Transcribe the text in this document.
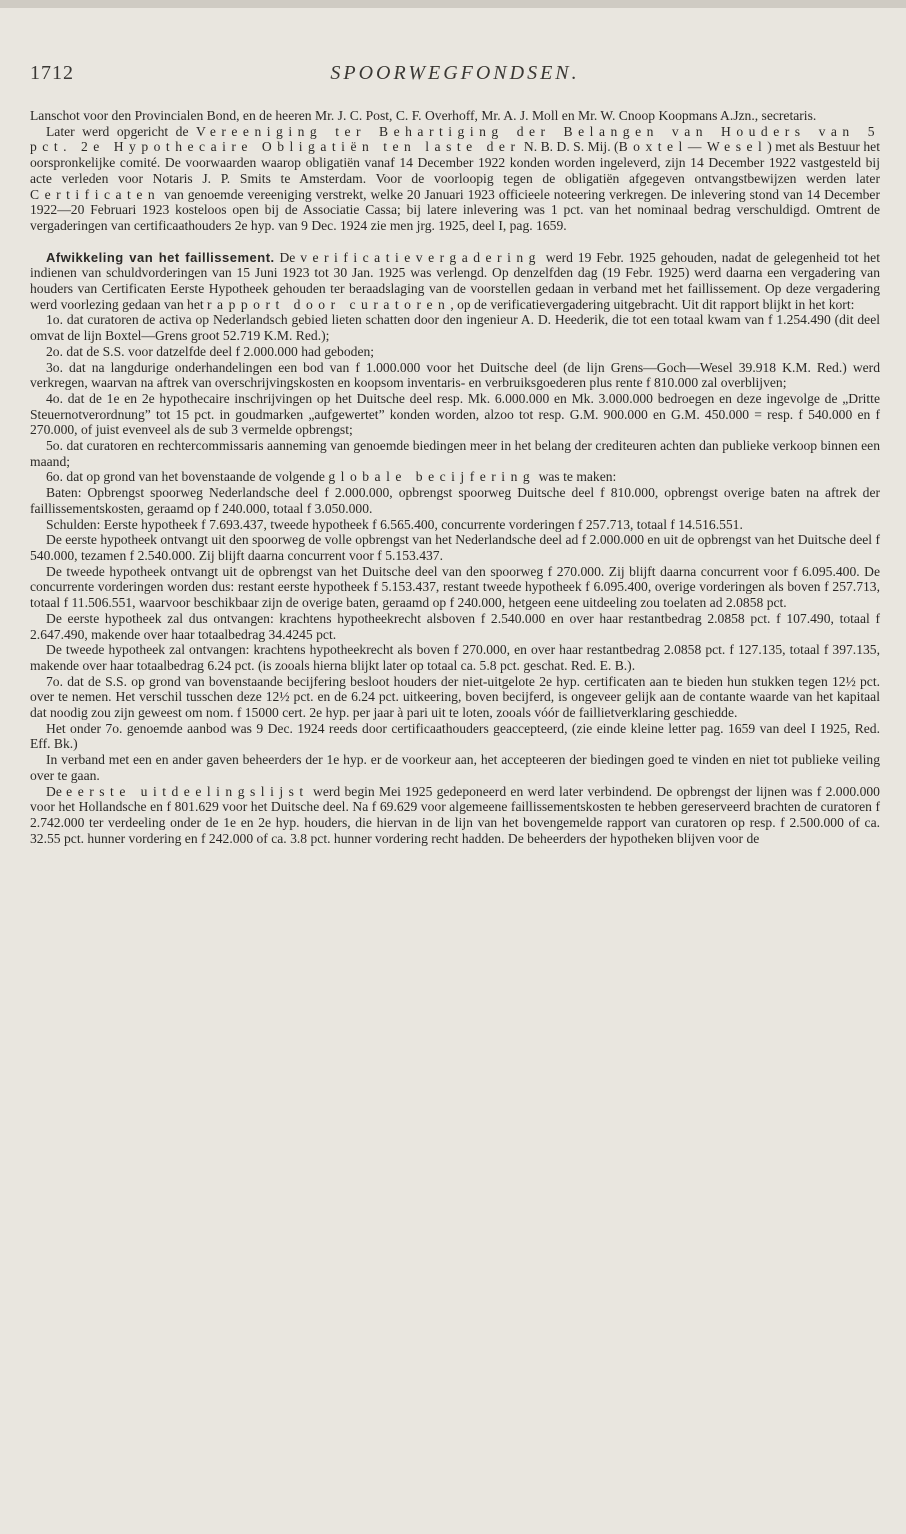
1712	SPOORWEGFONDSEN.

Lanschot voor den Provincialen Bond, en de heeren Mr. J. C. Post, C. F. Overhoff, Mr. A. J. Moll en Mr. W. Cnoop Koopmans A.Jzn., secretaris.

Later werd opgericht de Vereeniging ter Behartiging der Belangen van Houders van 5 pct. 2e Hypothecaire Obligatiën ten laste der N. B. D. S. Mij. (Boxtel—Wesel) met als Bestuur het oorspronkelijke comité. De voorwaarden waarop obligatiën vanaf 14 December 1922 konden worden ingeleverd, zijn 14 December 1922 vastgesteld bij acte verleden voor Notaris J. P. Smits te Amsterdam. Voor de voorloopig tegen de obligatiën afgegeven ontvangstbewijzen werden later Certificaten van genoemde vereeniging verstrekt, welke 20 Januari 1923 officieele noteering verkregen. De inlevering stond van 14 December 1922—20 Februari 1923 kosteloos open bij de Associatie Cassa; bij latere inlevering was 1 pct. van het nominaal bedrag verschuldigd. Omtrent de vergaderingen van certificaathouders 2e hyp. van 9 Dec. 1924 zie men jrg. 1925, deel I, pag. 1659.

Afwikkeling van het faillissement. De verificatievergadering werd 19 Febr. 1925 gehouden, nadat de gelegenheid tot het indienen van schuldvorderingen van 15 Juni 1923 tot 30 Jan. 1925 was verlengd. Op denzelfden dag (19 Febr. 1925) werd daarna een vergadering van houders van Certificaten Eerste Hypotheek gehouden ter beraadslaging van de voorstellen gedaan in verband met het faillissement. Op deze vergadering werd voorlezing gedaan van het rapport door curatoren, op de verificatievergadering uitgebracht. Uit dit rapport blijkt in het kort:

1o. dat curatoren de activa op Nederlandsch gebied lieten schatten door den ingenieur A. D. Heederik, die tot een totaal kwam van f 1.254.490 (dit deel omvat de lijn Boxtel—Grens groot 52.719 K.M. Red.);

2o. dat de S.S. voor datzelfde deel f 2.000.000 had geboden;

3o. dat na langdurige onderhandelingen een bod van f 1.000.000 voor het Duitsche deel (de lijn Grens—Goch—Wesel 39.918 K.M. Red.) werd verkregen, waarvan na aftrek van overschrijvingskosten en koopsom inventaris- en verbruiksgoederen plus rente f 810.000 zal overblijven;

4o. dat de 1e en 2e hypothecaire inschrijvingen op het Duitsche deel resp. Mk. 6.000.000 en Mk. 3.000.000 bedroegen en deze ingevolge de „Dritte Steuernotverordnung” tot 15 pct. in goudmarken „aufgewertet” konden worden, alzoo tot resp. G.M. 900.000 en G.M. 450.000 = resp. f 540.000 en f 270.000, of juist evenveel als de sub 3 vermelde opbrengst;

5o. dat curatoren en rechtercommissaris aanneming van genoemde biedingen meer in het belang der crediteuren achten dan publieke verkoop binnen een maand;

6o. dat op grond van het bovenstaande de volgende globale becijfering was te maken:

Baten: Opbrengst spoorweg Nederlandsche deel f 2.000.000, opbrengst spoorweg Duitsche deel f 810.000, opbrengst overige baten na aftrek der faillissementskosten, geraamd op f 240.000, totaal f 3.050.000.

Schulden: Eerste hypotheek f 7.693.437, tweede hypotheek f 6.565.400, concurrente vorderingen f 257.713, totaal f 14.516.551.

De eerste hypotheek ontvangt uit den spoorweg de volle opbrengst van het Nederlandsche deel ad f 2.000.000 en uit de opbrengst van het Duitsche deel f 540.000, tezamen f 2.540.000. Zij blijft daarna concurrent voor f 5.153.437.

De tweede hypotheek ontvangt uit de opbrengst van het Duitsche deel van den spoorweg f 270.000. Zij blijft daarna concurrent voor f 6.095.400. De concurrente vorderingen worden dus: restant eerste hypotheek f 5.153.437, restant tweede hypotheek f 6.095.400, overige vorderingen als boven f 257.713, totaal f 11.506.551, waarvoor beschikbaar zijn de overige baten, geraamd op f 240.000, hetgeen eene uitdeeling zou toelaten ad 2.0858 pct.

De eerste hypotheek zal dus ontvangen: krachtens hypotheekrecht alsboven f 2.540.000 en over haar restantbedrag 2.0858 pct. f 107.490, totaal f 2.647.490, makende over haar totaalbedrag 34.4245 pct.

De tweede hypotheek zal ontvangen: krachtens hypotheekrecht als boven f 270.000, en over haar restantbedrag 2.0858 pct. f 127.135, totaal f 397.135, makende over haar totaalbedrag 6.24 pct. (is zooals hierna blijkt later op totaal ca. 5.8 pct. geschat. Red. E. B.).

7o. dat de S.S. op grond van bovenstaande becijfering besloot houders der niet-uitgelote 2e hyp. certificaten aan te bieden hun stukken tegen 12½ pct. over te nemen. Het verschil tusschen deze 12½ pct. en de 6.24 pct. uitkeering, boven becijferd, is ongeveer gelijk aan de contante waarde van het kapitaal dat noodig zou zijn geweest om nom. f 15000 cert. 2e hyp. per jaar à pari uit te loten, zooals vóór de faillietverklaring geschiedde.

Het onder 7o. genoemde aanbod was 9 Dec. 1924 reeds door certificaathouders geaccepteerd, (zie einde kleine letter pag. 1659 van deel I 1925, Red. Eff. Bk.)

In verband met een en ander gaven beheerders der 1e hyp. er de voorkeur aan, het accepteeren der biedingen goed te vinden en niet tot publieke veiling over te gaan.

De eerste uitdeelingslijst werd begin Mei 1925 gedeponeerd en werd later verbindend. De opbrengst der lijnen was f 2.000.000 voor het Hollandsche en f 801.629 voor het Duitsche deel. Na f 69.629 voor algemeene faillissementskosten te hebben gereserveerd brachten de curatoren f 2.742.000 ter verdeeling onder de 1e en 2e hyp. houders, die hiervan in de lijn van het bovengemelde rapport van curatoren op resp. f 2.500.000 of ca. 32.55 pct. hunner vordering en f 242.000 of ca. 3.8 pct. hunner vordering recht hadden. De beheerders der hypotheken blijven voor de
